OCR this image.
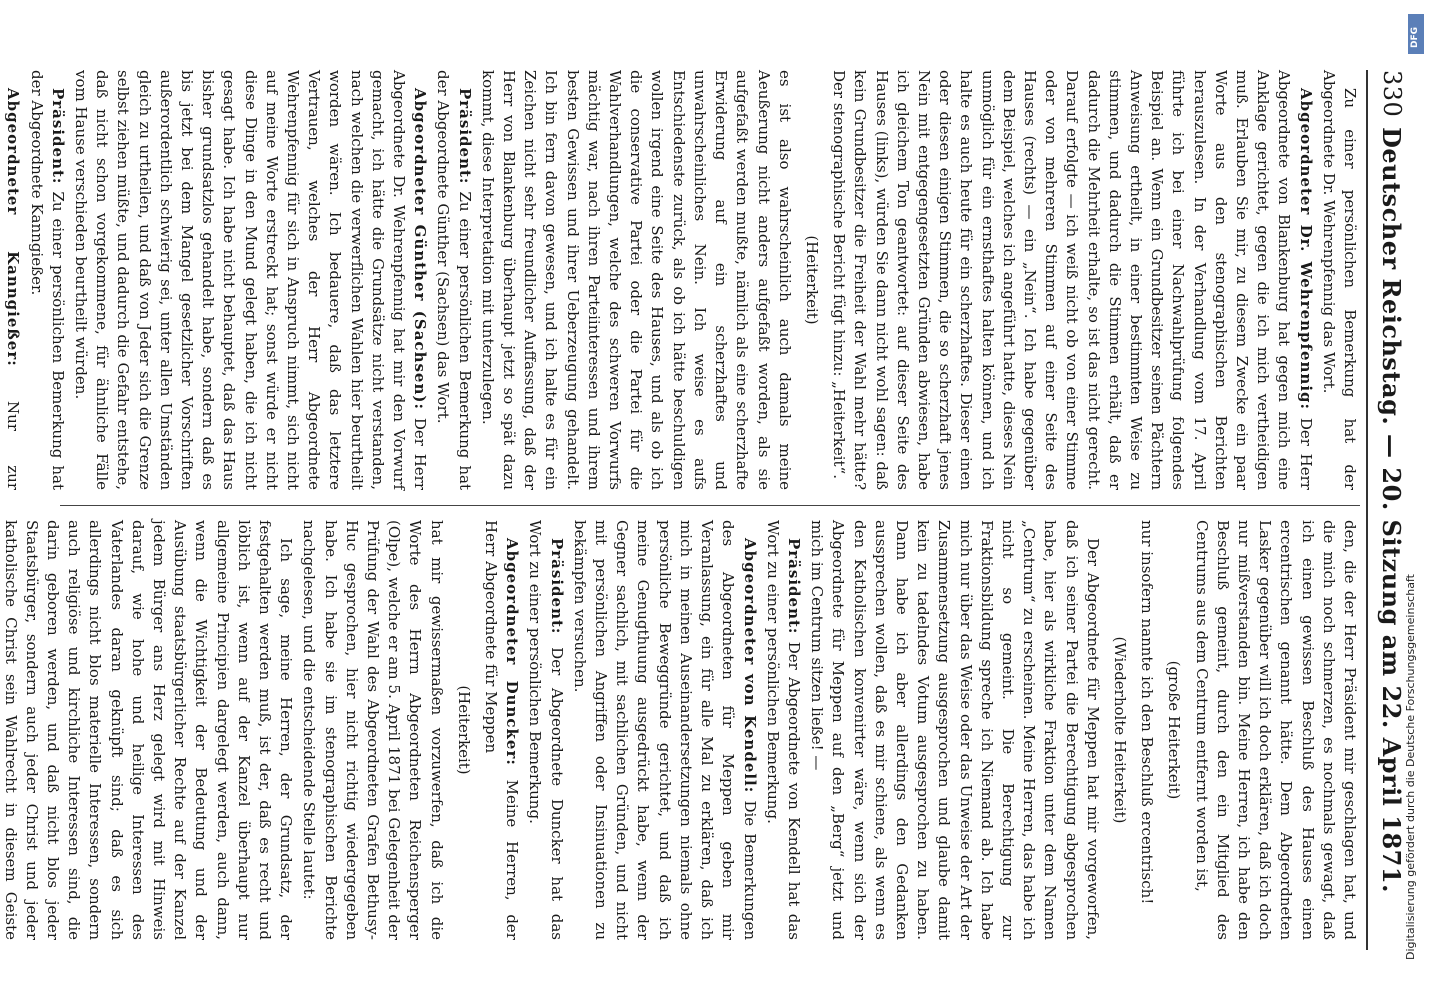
330
Deutscher Reichstag. — 20. Sitzung am 22. April 1871.

Zu einer persönlichen Bemerkung hat der Abgeordnete Dr. Wehrenpfennig das Wort.

Abgeordneter Dr. Wehrenpfennig: Der Herr Abgeordnete von Blankenburg hat gegen mich eine Anklage gerichtet, gegen die ich mich vertheidigen muß. Erlauben Sie mir, zu diesem Zwecke ein paar Worte aus den stenographischen Berichten herauszulesen. In der Verhandlung vom 17. April führte ich bei einer Nachwahlprüfung folgendes Beispiel an. Wenn ein Grundbesitzer seinen Pächtern Anweisung ertheilt, in einer bestimmten Weise zu stimmen, und dadurch die Stimmen erhält, daß er dadurch die Mehrheit erhalte, so ist das nicht gerecht. Darauf erfolgte — ich weiß nicht ob von einer Stimme oder von mehreren Stimmen auf einer Seite des Hauses (rechts) — ein „Nein“. Ich habe gegenüber dem Beispiel, welches ich angeführt hatte, dieses Nein unmöglich für ein ernsthaftes halten können, und ich halte es auch heute für ein scherzhaftes. Dieser einen oder diesen einigen Stimmen, die so scherzhaft jenes Nein mit entgegengesetzten Gründen abwiesen, habe ich gleichem Ton geantwortet: auf dieser Seite des Hauses (links), würden Sie dann nicht wohl sagen: daß kein Grundbesitzer die Freiheit der Wahl mehr hätte? Der stenographische Bericht fügt hinzu: „Heiterkeit“.

(Heiterkeit)

es ist also wahrscheinlich auch damals meine Aeußerung nicht anders aufgefaßt worden, als sie aufgefaßt werden mußte, nämlich als eine scherzhafte Erwiderung auf ein scherzhaftes und unwahrscheinliches Nein. Ich weise es aufs Entschiedenste zurück, als ob ich hätte beschuldigen wollen irgend eine Seite des Hauses, und als ob ich die conservative Partei oder die Partei für die Wahlverhandlungen, welche des schweren Vorwurfs mächtig war, nach ihren Parteiinteressen und ihrem besten Gewissen und ihrer Ueberzeugung gehandelt. Ich bin fern davon gewesen, und ich halte es für ein Zeichen nicht sehr freundlicher Auffassung, daß der Herr von Blankenburg überhaupt jetzt so spät dazu kommt, diese Interpretation mit unterzulegen.

Präsident: Zu einer persönlichen Bemerkung hat der Abgeordnete Günther (Sachsen) das Wort.

Abgeordneter Günther (Sachsen): Der Herr Abgeordnete Dr. Wehrenpfennig hat mir den Vorwurf gemacht, ich hätte die Grundsätze nicht verstanden, nach welchen die verwerflichen Wahlen hier beurtheilt worden wären. Ich bedauere, daß das letztere Vertrauen, welches der Herr Abgeordnete Wehrenpfennig für sich in Anspruch nimmt, sich nicht auf meine Worte erstreckt hat; sonst würde er nicht diese Dinge in den Mund gelegt haben, die ich nicht gesagt habe. Ich habe nicht behauptet, daß das Haus bisher grundsatzlos gehandelt habe, sondern daß es bis jetzt bei dem Mangel gesetzlicher Vorschriften außerordentlich schwierig sei, unter allen Umständen gleich zu urtheilen, und daß von Jeder sich die Grenze selbst ziehen müßte, und dadurch die Gefahr entstehe, daß nicht schon vorgekommene, für ähnliche Fälle vom Hause verschieden beurtheilt würden.

Präsident: Zu einer persönlichen Bemerkung hat der Abgeordnete Kanngießer.

Abgeordneter Kanngießer: Nur zur

den, die der Herr Präsident mir geschlagen hat, und die mich noch schmerzen, es nochmals gewagt, daß ich einen gewissen Beschluß des Hauses einen ercentrischen genannt hätte. Dem Abgeordneten Lasker gegenüber will ich doch erklären, daß ich doch nur mißverstanden bin. Meine Herren, ich habe den Beschluß gemeint, durch den ein Mitglied des Centrums aus dem Centrum entfernt worden ist,

(große Heiterkeit)

nur insofern nannte ich den Beschluß ercentrisch!

(Wiederholte Heiterkeit)

Der Abgeordnete für Meppen hat mir vorgeworfen, daß ich seiner Partei die Berechtigung abgesprochen habe, hier als wirkliche Fraktion unter dem Namen „Centrum“ zu erscheinen. Meine Herren, das habe ich nicht so gemeint. Die Berechtigung zur Fraktionsbildung spreche ich Niemand ab. Ich habe mich nur über das Weise oder das Unweise der Art der Zusammensetzung ausgesprochen und glaube damit kein zu tadelndes Votum ausgesprochen zu haben. Dann habe ich aber allerdings den Gedanken aussprechen wollen, daß es mir schiene, als wenn es den Katholischen konvenirter wäre, wenn sich der Abgeordnete für Meppen auf den „Berg“ jetzt und mich im Centrum sitzen ließe! —

Präsident: Der Abgeordnete von Kendell hat das Wort zu einer persönlichen Bemerkung.

Abgeordneter von Kendell: Die Bemerkungen des Abgeordneten für Meppen geben mir Veranlassung, ein für alle Mal zu erklären, daß ich mich in meinen Auseinandersetzungen niemals ohne persönliche Beweggründe gerichtet, und daß ich meine Genugthuung ausgedrückt habe, wenn der Gegner sachlich, mit sachlichen Gründen, und nicht mit persönlichen Angriffen oder Insinuationen zu bekämpfen versuchen.

Präsident: Der Abgeordnete Duncker hat das Wort zu einer persönlichen Bemerkung.

Abgeordneter Duncker: Meine Herren, der Herr Abgeordnete für Meppen

(Heiterkeit)

hat mir gewissermaßen vorzuwerfen, daß ich die Worte des Herrn Abgeordneten Reichensperger (Olpe), welche er am 5. April 1871 bei Gelegenheit der Prüfung der Wahl des Abgeordneten Grafen Bethusy-Huc gesprochen, hier nicht richtig wiedergegeben habe. Ich habe sie im stenographischen Berichte nachgelesen, und die entscheidende Stelle lautet:

Ich sage, meine Herren, der Grundsatz, der festgehalten werden muß, ist der, daß es recht und löblich ist, wenn auf der Kanzel überhaupt nur allgemeine Principien dargelegt werden, auch dann, wenn die Wichtigkeit der Bedeutung und der Ausübung staatsbürgerlicher Rechte auf der Kanzel jedem Bürger ans Herz gelegt wird mit Hinweis darauf, wie hohe und heilige Interessen des Vaterlandes daran geknüpft sind; daß es sich allerdings nicht blos materielle Interessen, sondern auch religiöse und kirchliche Interessen sind, die darin geboren werden, und daß nicht blos jeder Staatsbürger, sondern auch jeder Christ und jeder katholische Christ sein Wahlrecht in diesem Geiste	Digitalisierung gefördert durch die Deutsche Forschungsgemeinschaft
DFG
